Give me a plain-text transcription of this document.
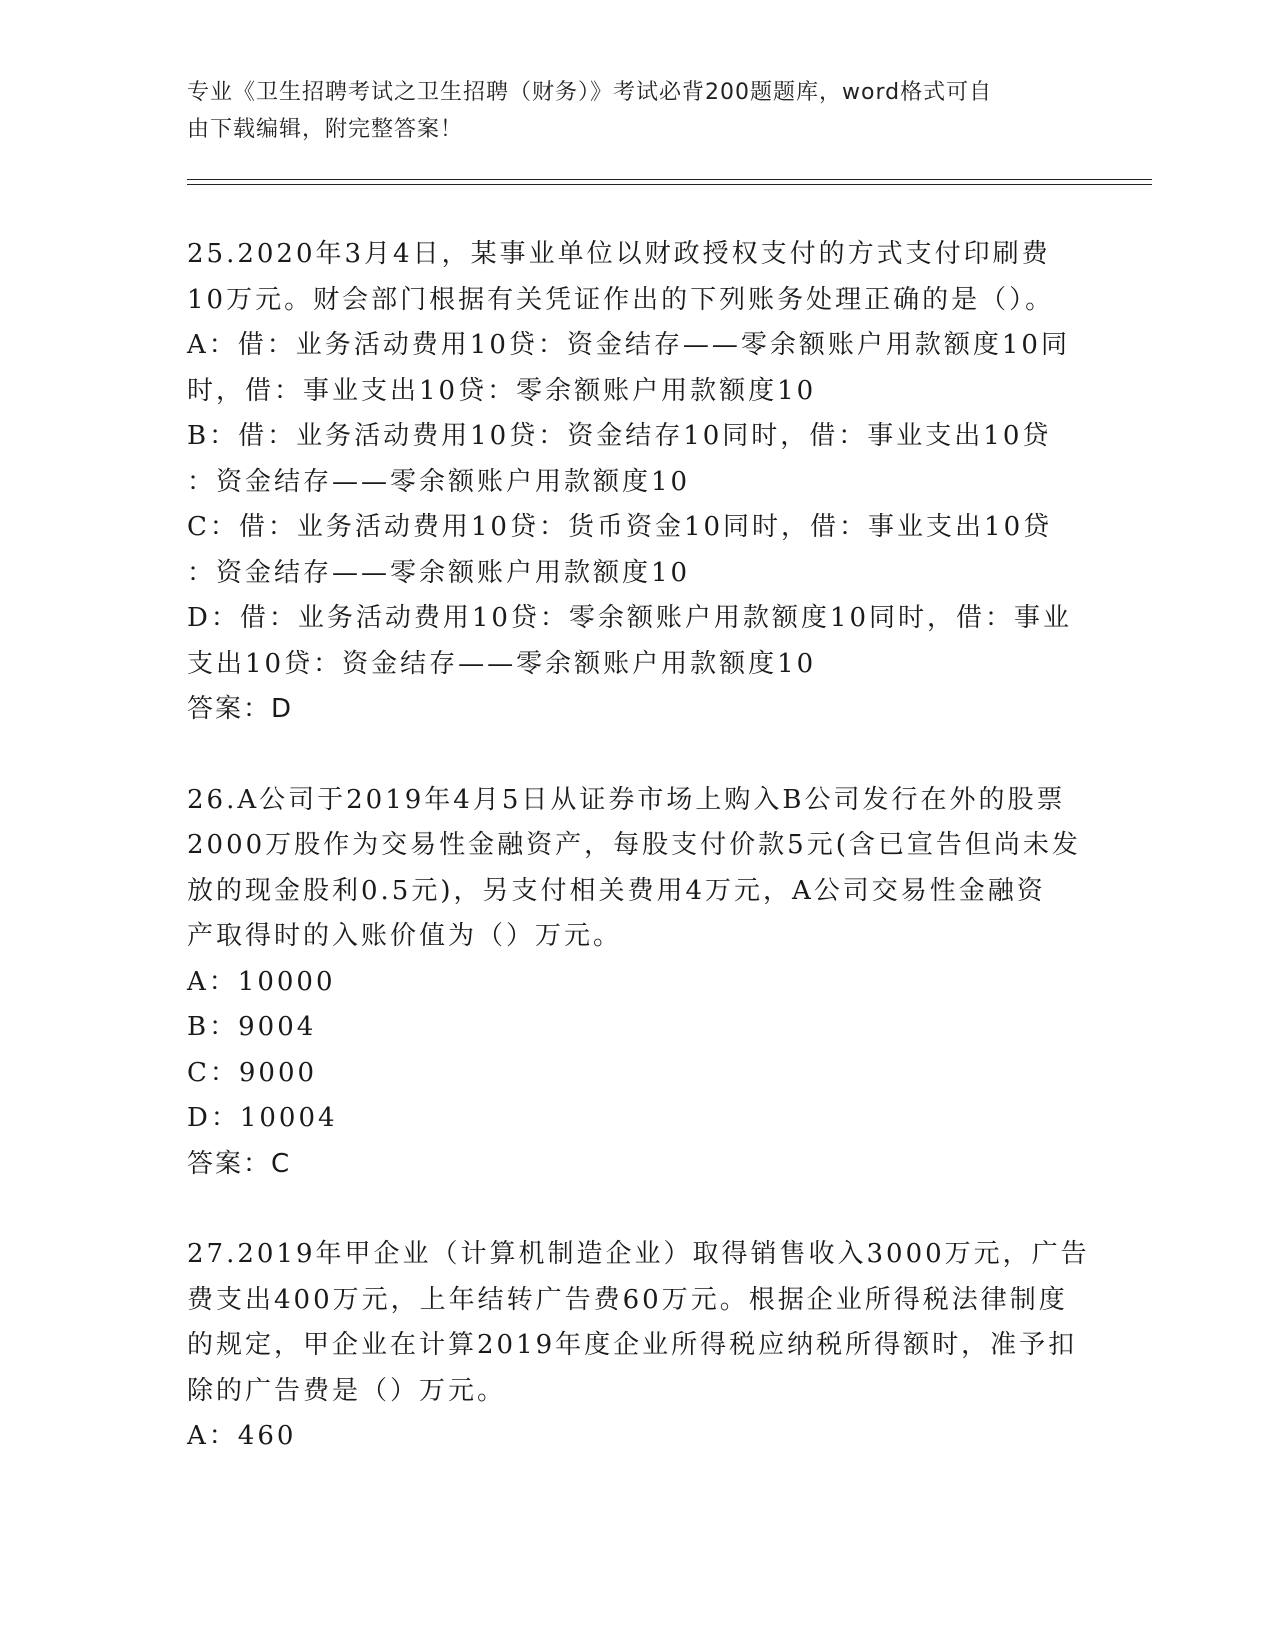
专业《卫生招聘考试之卫生招聘（财务）》考试必背200题题库，word格式可自
由下载编辑，附完整答案！
25.2020年3月4日，某事业单位以财政授权支付的方式支付印刷费
10万元。财会部门根据有关凭证作出的下列账务处理正确的是（）。
A：借：业务活动费用10贷：资金结存——零余额账户用款额度10同
时，借：事业支出10贷：零余额账户用款额度10
B：借：业务活动费用10贷：资金结存10同时，借：事业支出10贷
：资金结存——零余额账户用款额度10
C：借：业务活动费用10贷：货币资金10同时，借：事业支出10贷
：资金结存——零余额账户用款额度10
D：借：业务活动费用10贷：零余额账户用款额度10同时，借：事业
支出10贷：资金结存——零余额账户用款额度10
答案：D
26.A公司于2019年4月5日从证券市场上购入B公司发行在外的股票
2000万股作为交易性金融资产，每股支付价款5元(含已宣告但尚未发
放的现金股利0.5元)，另支付相关费用4万元，A公司交易性金融资
产取得时的入账价值为（）万元。
A：10000
B：9004
C：9000
D：10004
答案：C
27.2019年甲企业（计算机制造企业）取得销售收入3000万元，广告
费支出400万元，上年结转广告费60万元。根据企业所得税法律制度
的规定，甲企业在计算2019年度企业所得税应纳税所得额时，准予扣
除的广告费是（）万元。
A：460
